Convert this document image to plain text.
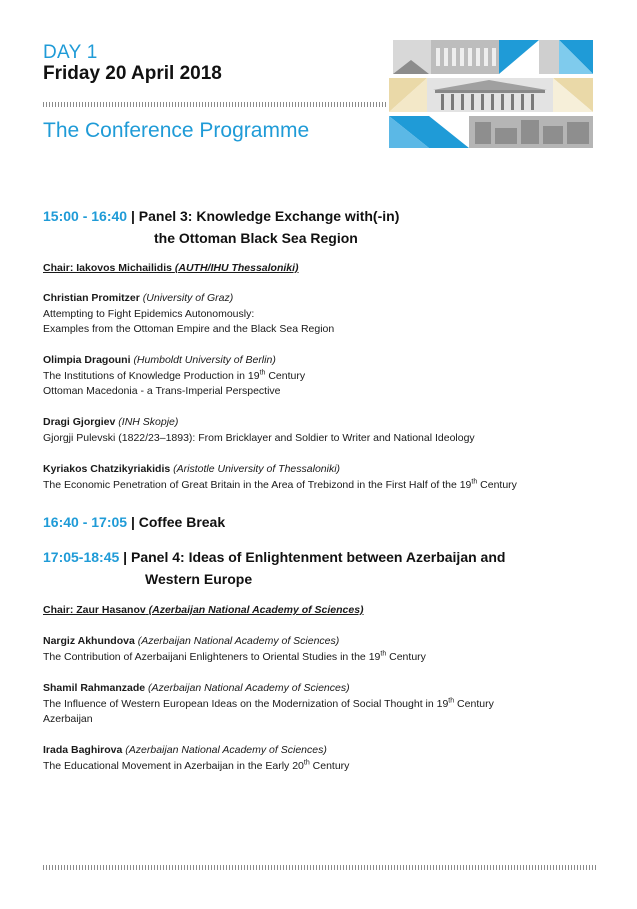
DAY 1
Friday 20 April 2018
The Conference Programme
15:00 - 16:40 | Panel 3: Knowledge Exchange with(-in)
the Ottoman Black Sea Region
Chair: Iakovos Michailidis (AUTH/IHU Thessaloniki)
Christian Promitzer (University of Graz)
Attempting to Fight Epidemics Autonomously:
Examples from the Ottoman Empire and the Black Sea Region
Olimpia Dragouni (Humboldt University of Berlin)
The Institutions of Knowledge Production in 19th Century
Ottoman Macedonia - a Trans-Imperial Perspective
Dragi Gjorgiev (INH Skopje)
Gjorgji Pulevski (1822/23–1893): From Bricklayer and Soldier to Writer and National Ideology
Kyriakos Chatzikyriakidis (Aristotle University of Thessaloniki)
The Economic Penetration of Great Britain in the Area of Trebizond in the First Half of the 19th Century
16:40 - 17:05 | Coffee Break
17:05-18:45 | Panel 4: Ideas of Enlightenment between Azerbaijan and
Western Europe
Chair: Zaur Hasanov (Azerbaijan National Academy of Sciences)
Nargiz Akhundova (Azerbaijan National Academy of Sciences)
The Contribution of Azerbaijani Enlighteners to Oriental Studies in the 19th Century
Shamil Rahmanzade (Azerbaijan National Academy of Sciences)
The Influence of Western European Ideas on the Modernization of Social Thought in 19th Century
Azerbaijan
Irada Baghirova (Azerbaijan National Academy of Sciences)
The Educational Movement in Azerbaijan in the Early 20th Century
